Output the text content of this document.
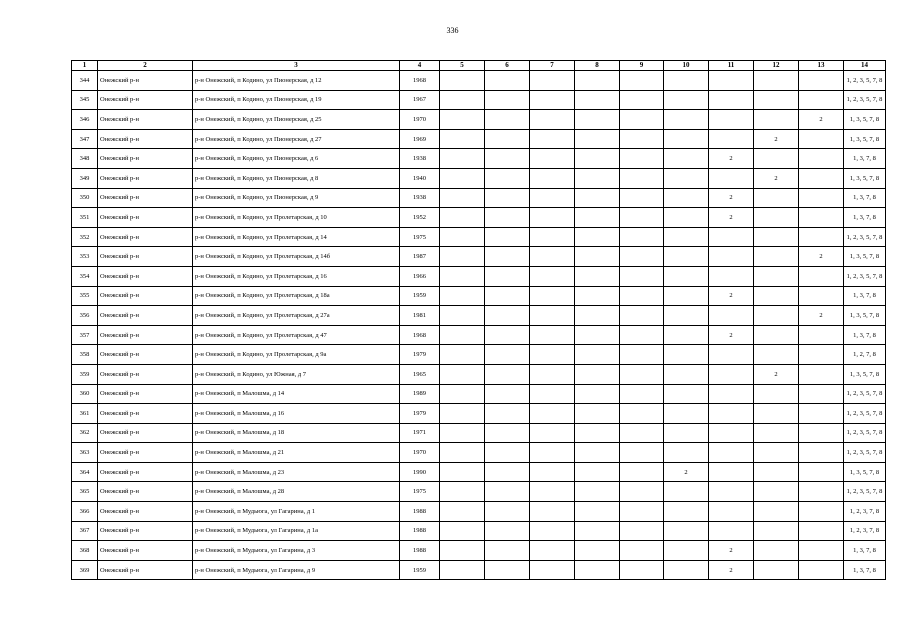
336
1	2	3	4	5	6	7	8	9	10	11	12	13	14
344	Онежский р-н	р-н Онежский, п Кодино, ул Пионерская, д 12	1968										1, 2, 3, 5, 7, 8
345	Онежский р-н	р-н Онежский, п Кодино, ул Пионерская, д 19	1967										1, 2, 3, 5, 7, 8
346	Онежский р-н	р-н Онежский, п Кодино, ул Пионерская, д 25	1970									2	1, 3, 5, 7, 8
347	Онежский р-н	р-н Онежский, п Кодино, ул Пионерская, д 27	1969								2		1, 3, 5, 7, 8
348	Онежский р-н	р-н Онежский, п Кодино, ул Пионерская, д 6	1938							2			1, 3, 7, 8
349	Онежский р-н	р-н Онежский, п Кодино, ул Пионерская, д 8	1940								2		1, 3, 5, 7, 8
350	Онежский р-н	р-н Онежский, п Кодино, ул Пионерская, д 9	1938							2			1, 3, 7, 8
351	Онежский р-н	р-н Онежский, п Кодино, ул Пролетарская, д 10	1952							2			1, 3, 7, 8
352	Онежский р-н	р-н Онежский, п Кодино, ул Пролетарская, д 14	1975										1, 2, 3, 5, 7, 8
353	Онежский р-н	р-н Онежский, п Кодино, ул Пролетарская, д 14б	1987									2	1, 3, 5, 7, 8
354	Онежский р-н	р-н Онежский, п Кодино, ул Пролетарская, д 16	1966										1, 2, 3, 5, 7, 8
355	Онежский р-н	р-н Онежский, п Кодино, ул Пролетарская, д 18а	1959							2			1, 3, 7, 8
356	Онежский р-н	р-н Онежский, п Кодино, ул Пролетарская, д 27а	1981									2	1, 3, 5, 7, 8
357	Онежский р-н	р-н Онежский, п Кодино, ул Пролетарская, д 47	1968							2			1, 3, 7, 8
358	Онежский р-н	р-н Онежский, п Кодино, ул Пролетарская, д 9а	1979										1, 2, 7, 8
359	Онежский р-н	р-н Онежский, п Кодино, ул Южная, д 7	1965								2		1, 3, 5, 7, 8
360	Онежский р-н	р-н Онежский, п Малошма, д 14	1989										1, 2, 3, 5, 7, 8
361	Онежский р-н	р-н Онежский, п Малошма, д 16	1979										1, 2, 3, 5, 7, 8
362	Онежский р-н	р-н Онежский, п Малошма, д 18	1971										1, 2, 3, 5, 7, 8
363	Онежский р-н	р-н Онежский, п Малошма, д 21	1970										1, 2, 3, 5, 7, 8
364	Онежский р-н	р-н Онежский, п Малошма, д 23	1990						2				1, 3, 5, 7, 8
365	Онежский р-н	р-н Онежский, п Малошма, д 28	1975										1, 2, 3, 5, 7, 8
366	Онежский р-н	р-н Онежский, п Мудьюга, ул Гагарина, д 1	1988										1, 2, 3, 7, 8
367	Онежский р-н	р-н Онежский, п Мудьюга, ул Гагарина, д 1а	1988										1, 2, 3, 7, 8
368	Онежский р-н	р-н Онежский, п Мудьюга, ул Гагарина, д 3	1988							2			1, 3, 7, 8
369	Онежский р-н	р-н Онежский, п Мудьюга, ул Гагарина, д 9	1959							2			1, 3, 7, 8
